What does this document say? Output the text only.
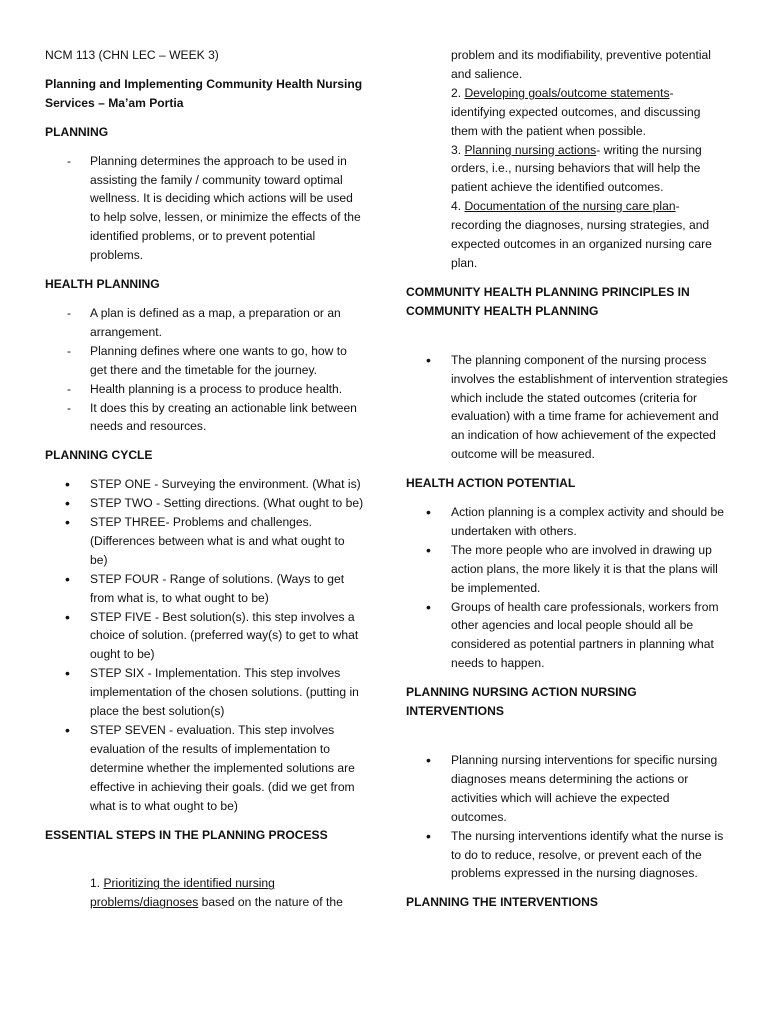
NCM 113 (CHN LEC – WEEK 3)

Planning and Implementing Community Health Nursing Services – Ma’am Portia

PLANNING

- Planning determines the approach to be used in assisting the family / community toward optimal wellness. It is deciding which actions will be used to help solve, lessen, or minimize the effects of the identified problems, or to prevent potential problems.

HEALTH PLANNING

- A plan is defined as a map, a preparation or an arrangement.
- Planning defines where one wants to go, how to get there and the timetable for the journey.
- Health planning is a process to produce health.
- It does this by creating an actionable link between needs and resources.

PLANNING CYCLE

• STEP ONE - Surveying the environment. (What is)
• STEP TWO - Setting directions. (What ought to be)
• STEP THREE- Problems and challenges. (Differences between what is and what ought to be)
• STEP FOUR - Range of solutions. (Ways to get from what is, to what ought to be)
• STEP FIVE - Best solution(s). this step involves a choice of solution. (preferred way(s) to get to what ought to be)
• STEP SIX - Implementation. This step involves implementation of the chosen solutions. (putting in place the best solution(s)
• STEP SEVEN - evaluation. This step involves evaluation of the results of implementation to determine whether the implemented solutions are effective in achieving their goals. (did we get from what is to what ought to be)

ESSENTIAL STEPS IN THE PLANNING PROCESS

1. Prioritizing the identified nursing problems/diagnoses based on the nature of the

problem and its modifiability, preventive potential and salience.

2. Developing goals/outcome statements- identifying expected outcomes, and discussing them with the patient when possible.

3. Planning nursing actions- writing the nursing orders, i.e., nursing behaviors that will help the patient achieve the identified outcomes.

4. Documentation of the nursing care plan- recording the diagnoses, nursing strategies, and expected outcomes in an organized nursing care plan.

COMMUNITY HEALTH PLANNING PRINCIPLES IN COMMUNITY HEALTH PLANNING

• The planning component of the nursing process involves the establishment of intervention strategies which include the stated outcomes (criteria for evaluation) with a time frame for achievement and an indication of how achievement of the expected outcome will be measured.

HEALTH ACTION POTENTIAL

• Action planning is a complex activity and should be undertaken with others.
• The more people who are involved in drawing up action plans, the more likely it is that the plans will be implemented.
• Groups of health care professionals, workers from other agencies and local people should all be considered as potential partners in planning what needs to happen.

PLANNING NURSING ACTION NURSING INTERVENTIONS

• Planning nursing interventions for specific nursing diagnoses means determining the actions or activities which will achieve the expected outcomes.
• The nursing interventions identify what the nurse is to do to reduce, resolve, or prevent each of the problems expressed in the nursing diagnoses.

PLANNING THE INTERVENTIONS
